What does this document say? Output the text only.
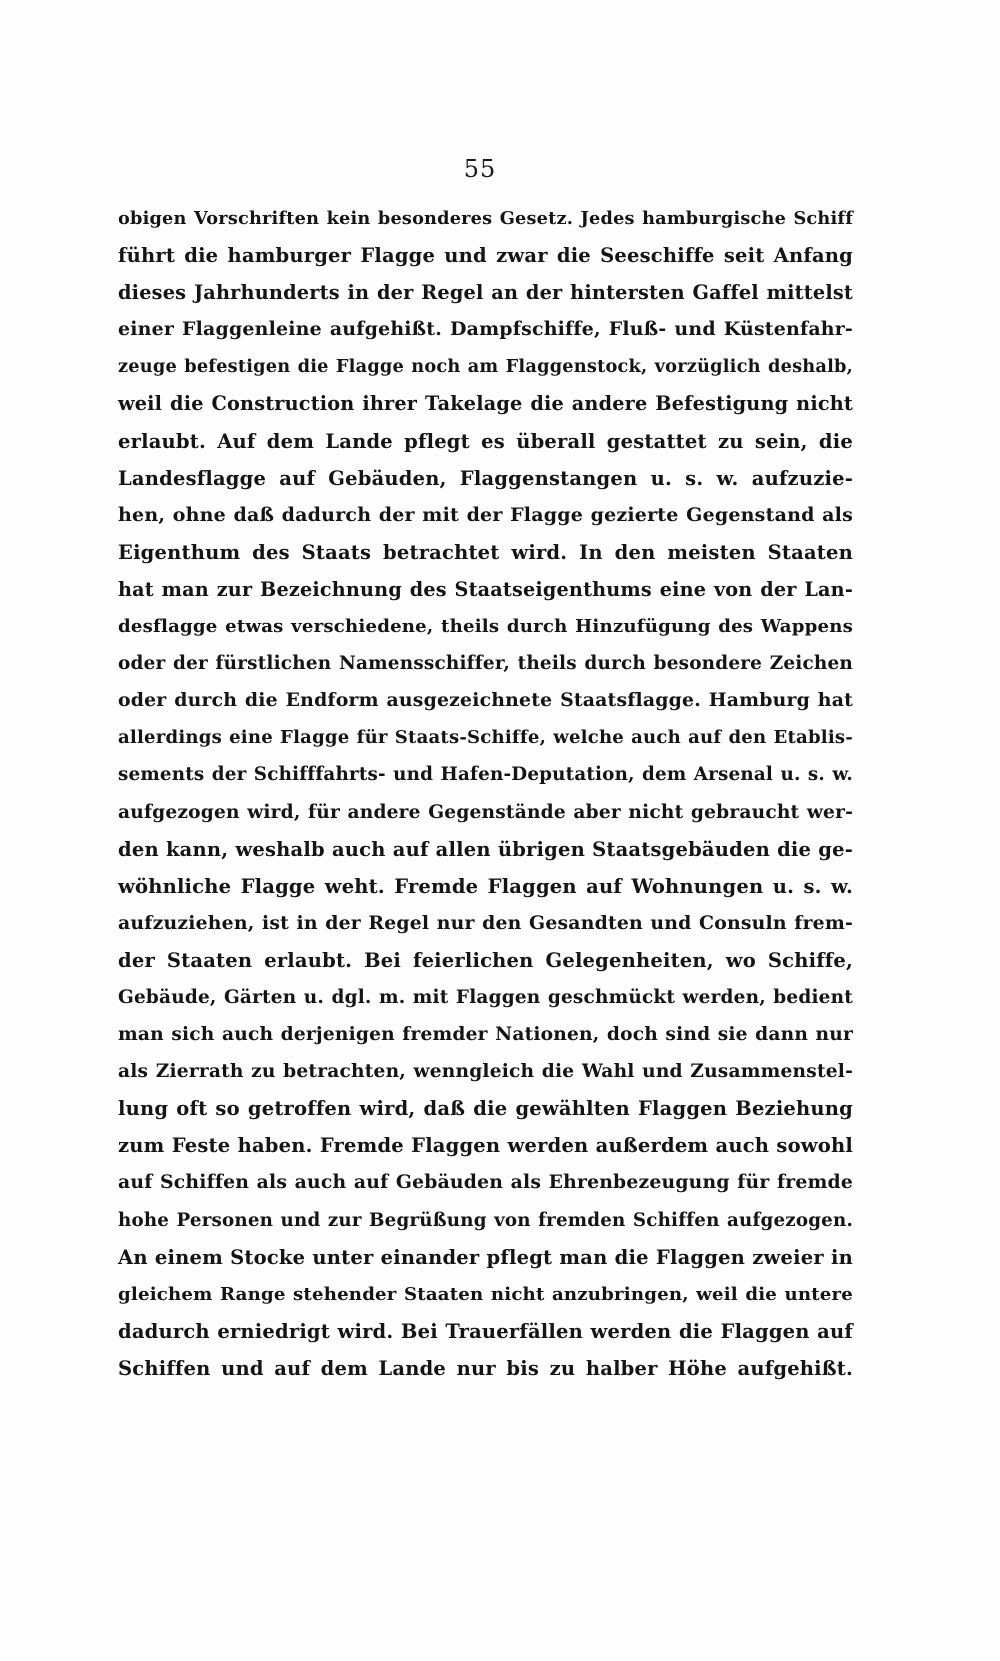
55
obigen Vorschriften kein besonderes Gesetz. Jedes hamburgische Schiff
führt die hamburger Flagge und zwar die Seeschiffe seit Anfang
dieses Jahrhunderts in der Regel an der hintersten Gaffel mittelst
einer Flaggenleine aufgehißt. Dampfschiffe, Fluß- und Küstenfahr-
zeuge befestigen die Flagge noch am Flaggenstock, vorzüglich deshalb,
weil die Construction ihrer Takelage die andere Befestigung nicht
erlaubt. Auf dem Lande pflegt es überall gestattet zu sein, die
Landesflagge auf Gebäuden, Flaggenstangen u. s. w. aufzuzie-
hen, ohne daß dadurch der mit der Flagge gezierte Gegenstand als
Eigenthum des Staats betrachtet wird. In den meisten Staaten
hat man zur Bezeichnung des Staatseigenthums eine von der Lan-
desflagge etwas verschiedene, theils durch Hinzufügung des Wappens
oder der fürstlichen Namensschiffer, theils durch besondere Zeichen
oder durch die Endform ausgezeichnete Staatsflagge. Hamburg hat
allerdings eine Flagge für Staats-Schiffe, welche auch auf den Etablis-
sements der Schifffahrts- und Hafen-Deputation, dem Arsenal u. s. w.
aufgezogen wird, für andere Gegenstände aber nicht gebraucht wer-
den kann, weshalb auch auf allen übrigen Staatsgebäuden die ge-
wöhnliche Flagge weht. Fremde Flaggen auf Wohnungen u. s. w.
aufzuziehen, ist in der Regel nur den Gesandten und Consuln frem-
der Staaten erlaubt. Bei feierlichen Gelegenheiten, wo Schiffe,
Gebäude, Gärten u. dgl. m. mit Flaggen geschmückt werden, bedient
man sich auch derjenigen fremder Nationen, doch sind sie dann nur
als Zierrath zu betrachten, wenngleich die Wahl und Zusammenstel-
lung oft so getroffen wird, daß die gewählten Flaggen Beziehung
zum Feste haben. Fremde Flaggen werden außerdem auch sowohl
auf Schiffen als auch auf Gebäuden als Ehrenbezeugung für fremde
hohe Personen und zur Begrüßung von fremden Schiffen aufgezogen.
An einem Stocke unter einander pflegt man die Flaggen zweier in
gleichem Range stehender Staaten nicht anzubringen, weil die untere
dadurch erniedrigt wird. Bei Trauerfällen werden die Flaggen auf
Schiffen und auf dem Lande nur bis zu halber Höhe aufgehißt.
